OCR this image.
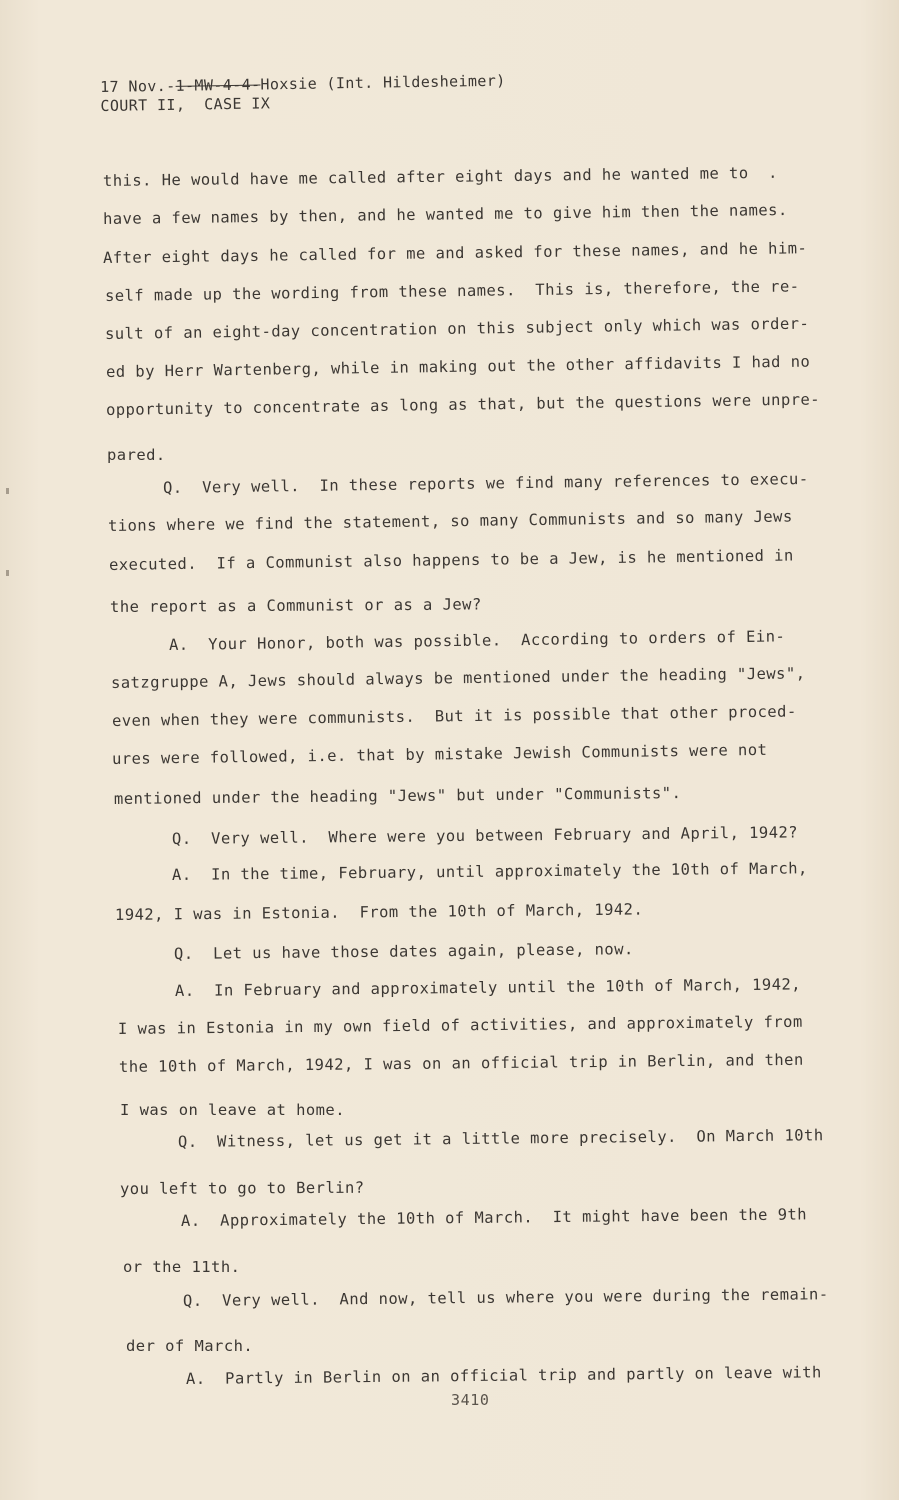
17 Nov.-1-MW-4-4-Hoxsie (Int. Hildesheimer)
COURT II,  CASE IX
this. He would have me called after eight days and he wanted me to  .
have a few names by then, and he wanted me to give him then the names.
After eight days he called for me and asked for these names, and he him-
self made up the wording from these names.  This is, therefore, the re-
sult of an eight-day concentration on this subject only which was order-
ed by Herr Wartenberg, while in making out the other affidavits I had no
opportunity to concentrate as long as that, but the questions were unpre-
pared.
Q.  Very well.  In these reports we find many references to execu-
tions where we find the statement, so many Communists and so many Jews
executed.  If a Communist also happens to be a Jew, is he mentioned in
the report as a Communist or as a Jew?
A.  Your Honor, both was possible.  According to orders of Ein-
satzgruppe A, Jews should always be mentioned under the heading "Jews",
even when they were communists.  But it is possible that other proced-
ures were followed, i.e. that by mistake Jewish Communists were not
mentioned under the heading "Jews" but under "Communists".
Q.  Very well.  Where were you between February and April, 1942?
A.  In the time, February, until approximately the 10th of March,
1942, I was in Estonia.  From the 10th of March, 1942.
Q.  Let us have those dates again, please, now.
A.  In February and approximately until the 10th of March, 1942,
I was in Estonia in my own field of activities, and approximately from
the 10th of March, 1942, I was on an official trip in Berlin, and then
I was on leave at home.
Q.  Witness, let us get it a little more precisely.  On March 10th
you left to go to Berlin?
A.  Approximately the 10th of March.  It might have been the 9th
or the 11th.
Q.  Very well.  And now, tell us where you were during the remain-
der of March.
A.  Partly in Berlin on an official trip and partly on leave with
3410
